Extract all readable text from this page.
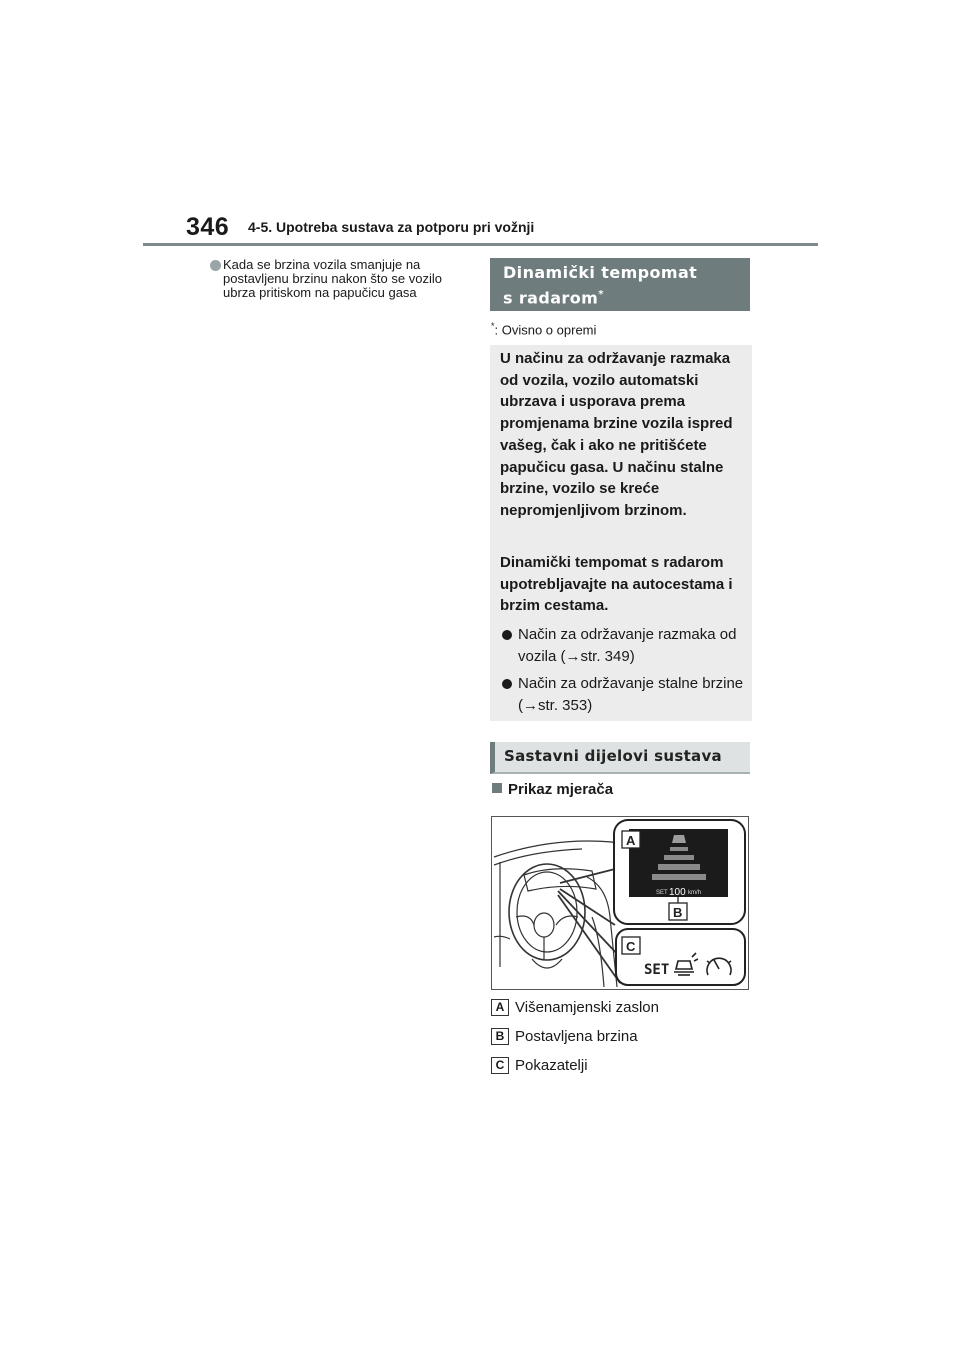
346 4-5. Upotreba sustava za potporu pri vožnji
Kada se brzina vozila smanjuje na postavljenu brzinu nakon što se vozilo ubrza pritiskom na papučicu gasa
Dinamički tempomat
s radarom*
*: Ovisno o opremi
U načinu za održavanje razmaka od vozila, vozilo automatski ubrzava i usporava prema promjenama brzine vozila ispred vašeg, čak i ako ne pritišćete papučicu gasa. U načinu stalne brzine, vozilo se kreće nepromjenljivom brzinom.
Dinamički tempomat s radarom upotrebljavajte na autocestama i brzim cestama.
Način za održavanje razmaka od vozila (→str. 349)
Način za održavanje stalne brzine (→str. 353)
Sastavni dijelovi sustava
Prikaz mjerača
SET 100 km/h
A
B
C
SET
A Višenamjenski zaslon
B Postavljena brzina
C Pokazatelji
